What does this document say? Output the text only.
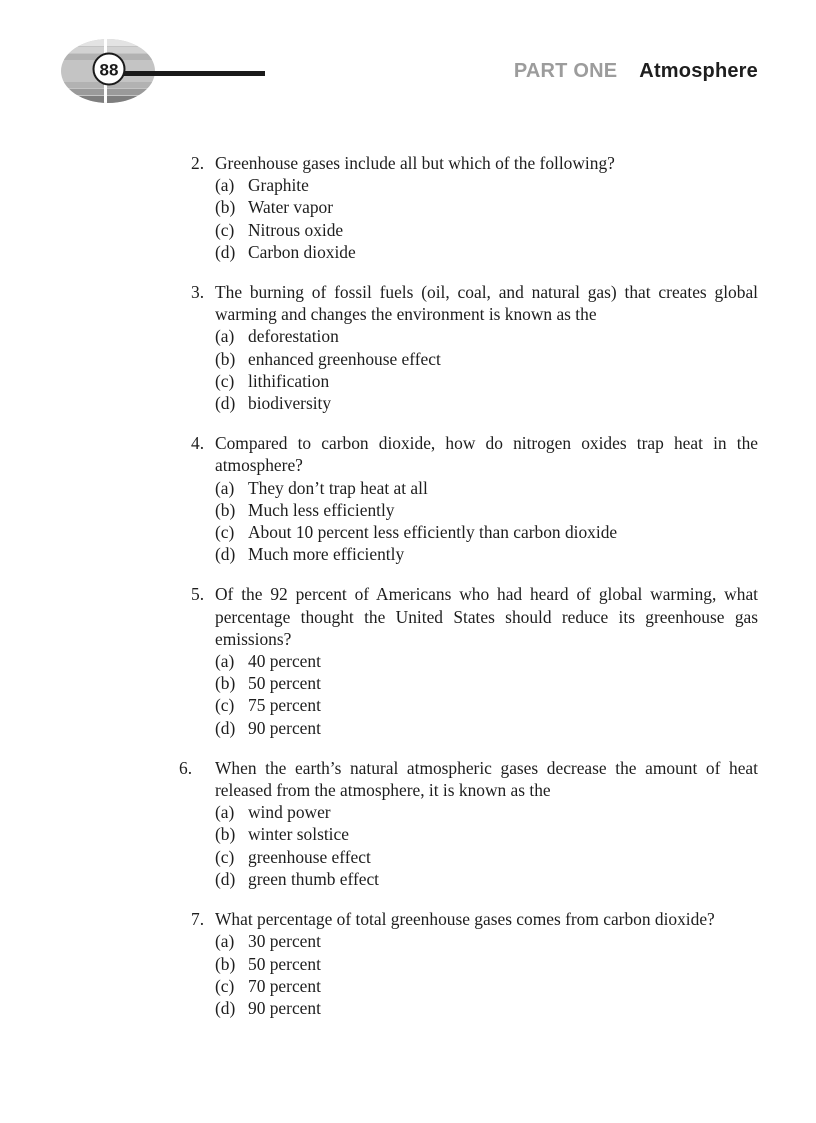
88	PART ONE Atmosphere
2. Greenhouse gases include all but which of the following?
(a) Graphite
(b) Water vapor
(c) Nitrous oxide
(d) Carbon dioxide
3. The burning of fossil fuels (oil, coal, and natural gas) that creates global warming and changes the environment is known as the
(a) deforestation
(b) enhanced greenhouse effect
(c) lithification
(d) biodiversity
4. Compared to carbon dioxide, how do nitrogen oxides trap heat in the atmosphere?
(a) They don’t trap heat at all
(b) Much less efficiently
(c) About 10 percent less efficiently than carbon dioxide
(d) Much more efficiently
5. Of the 92 percent of Americans who had heard of global warming, what percentage thought the United States should reduce its greenhouse gas emissions?
(a) 40 percent
(b) 50 percent
(c) 75 percent
(d) 90 percent
6. When the earth’s natural atmospheric gases decrease the amount of heat released from the atmosphere, it is known as the
(a) wind power
(b) winter solstice
(c) greenhouse effect
(d) green thumb effect
7. What percentage of total greenhouse gases comes from carbon dioxide?
(a) 30 percent
(b) 50 percent
(c) 70 percent
(d) 90 percent
